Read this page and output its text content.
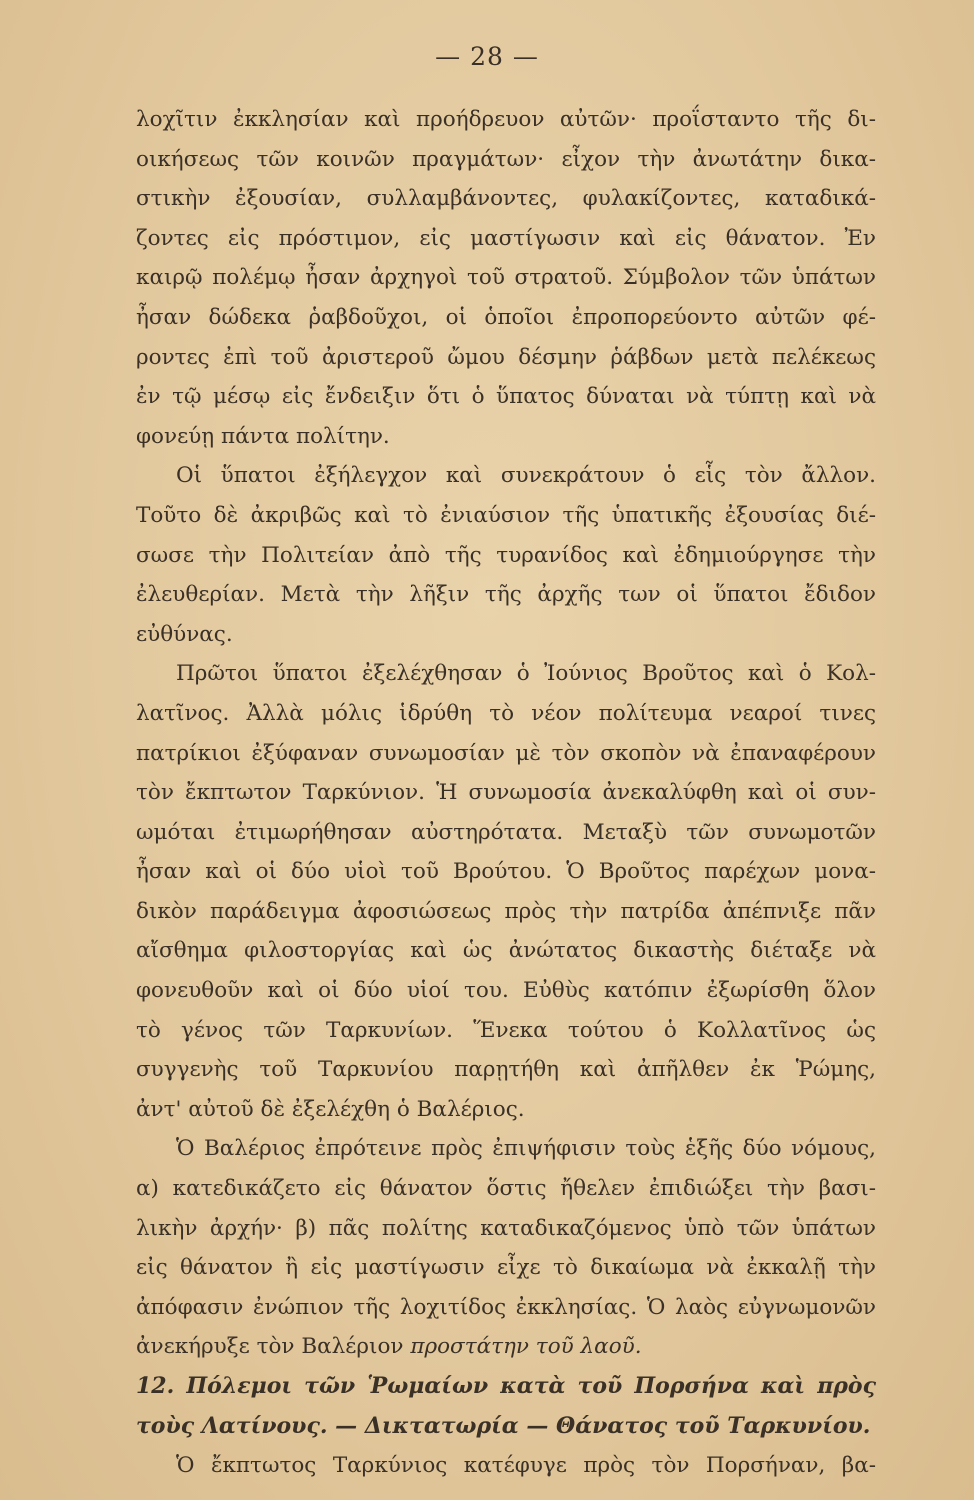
— 28 —
λοχῖτιν ἐκκλησίαν καὶ προήδρευον αὐτῶν· προΐσταντο τῆς δι-
οικήσεως τῶν κοινῶν πραγμάτων· εἶχον τὴν ἀνωτάτην δικα-
στικὴν ἐξουσίαν, συλλαμβάνοντες, φυλακίζοντες, καταδικά-
ζοντες εἰς πρόστιμον, εἰς μαστίγωσιν καὶ εἰς θάνατον. Ἐν
καιρῷ πολέμῳ ἦσαν ἀρχηγοὶ τοῦ στρατοῦ. Σύμβολον τῶν ὑπάτων
ἦσαν δώδεκα ῥαβδοῦχοι, οἱ ὁποῖοι ἐπροπορεύοντο αὐτῶν φέ-
ροντες ἐπὶ τοῦ ἀριστεροῦ ὤμου δέσμην ῥάβδων μετὰ πελέκεως
ἐν τῷ μέσῳ εἰς ἔνδειξιν ὅτι ὁ ὕπατος δύναται νὰ τύπτῃ καὶ νὰ
φονεύῃ πάντα πολίτην.
Οἱ ὕπατοι ἐξήλεγχον καὶ συνεκράτουν ὁ εἷς τὸν ἄλλον.
Τοῦτο δὲ ἀκριβῶς καὶ τὸ ἐνιαύσιον τῆς ὑπατικῆς ἐξουσίας διέ-
σωσε τὴν Πολιτείαν ἀπὸ τῆς τυρανίδος καὶ ἐδημιούργησε τὴν
ἐλευθερίαν. Μετὰ τὴν λῆξιν τῆς ἀρχῆς των οἱ ὕπατοι ἔδιδον
εὐθύνας.
Πρῶτοι ὕπατοι ἐξελέχθησαν ὁ Ἰούνιος Βροῦτος καὶ ὁ Κολ-
λατῖνος. Ἀλλὰ μόλις ἱδρύθη τὸ νέον πολίτευμα νεαροί τινες
πατρίκιοι ἐξύφαναν συνωμοσίαν μὲ τὸν σκοπὸν νὰ ἐπαναφέρουν
τὸν ἔκπτωτον Ταρκύνιον. Ἡ συνωμοσία ἀνεκαλύφθη καὶ οἱ συν-
ωμόται ἐτιμωρήθησαν αὐστηρότατα. Μεταξὺ τῶν συνωμοτῶν
ἦσαν καὶ οἱ δύο υἱοὶ τοῦ Βρούτου. Ὁ Βροῦτος παρέχων μονα-
δικὸν παράδειγμα ἀφοσιώσεως πρὸς τὴν πατρίδα ἀπέπνιξε πᾶν
αἴσθημα φιλοστοργίας καὶ ὡς ἀνώτατος δικαστὴς διέταξε νὰ
φονευθοῦν καὶ οἱ δύο υἱοί του. Εὐθὺς κατόπιν ἐξωρίσθη ὅλον
τὸ γένος τῶν Ταρκυνίων. Ἕνεκα τούτου ὁ Κολλατῖνος ὡς
συγγενὴς τοῦ Ταρκυνίου παρῃτήθη καὶ ἀπῆλθεν ἐκ Ῥώμης,
ἀντ' αὐτοῦ δὲ ἐξελέχθη ὁ Βαλέριος.
Ὁ Βαλέριος ἐπρότεινε πρὸς ἐπιψήφισιν τοὺς ἑξῆς δύο νόμους,
α) κατεδικάζετο εἰς θάνατον ὅστις ἤθελεν ἐπιδιώξει τὴν βασι-
λικὴν ἀρχήν· β) πᾶς πολίτης καταδικαζόμενος ὑπὸ τῶν ὑπάτων
εἰς θάνατον ἢ εἰς μαστίγωσιν εἶχε τὸ δικαίωμα νὰ ἐκκαλῇ τὴν
ἀπόφασιν ἐνώπιον τῆς λοχιτίδος ἐκκλησίας. Ὁ λαὸς εὐγνωμονῶν
ἀνεκήρυξε τὸν Βαλέριον προστάτην τοῦ λαοῦ.
12. Πόλεμοι τῶν Ῥωμαίων κατὰ τοῦ Πορσήνα καὶ πρὸς
τοὺς Λατίνους. — Δικτατωρία — Θάνατος τοῦ Ταρκυνίου.
Ὁ ἔκπτωτος Ταρκύνιος κατέφυγε πρὸς τὸν Πορσήναν, βα-
